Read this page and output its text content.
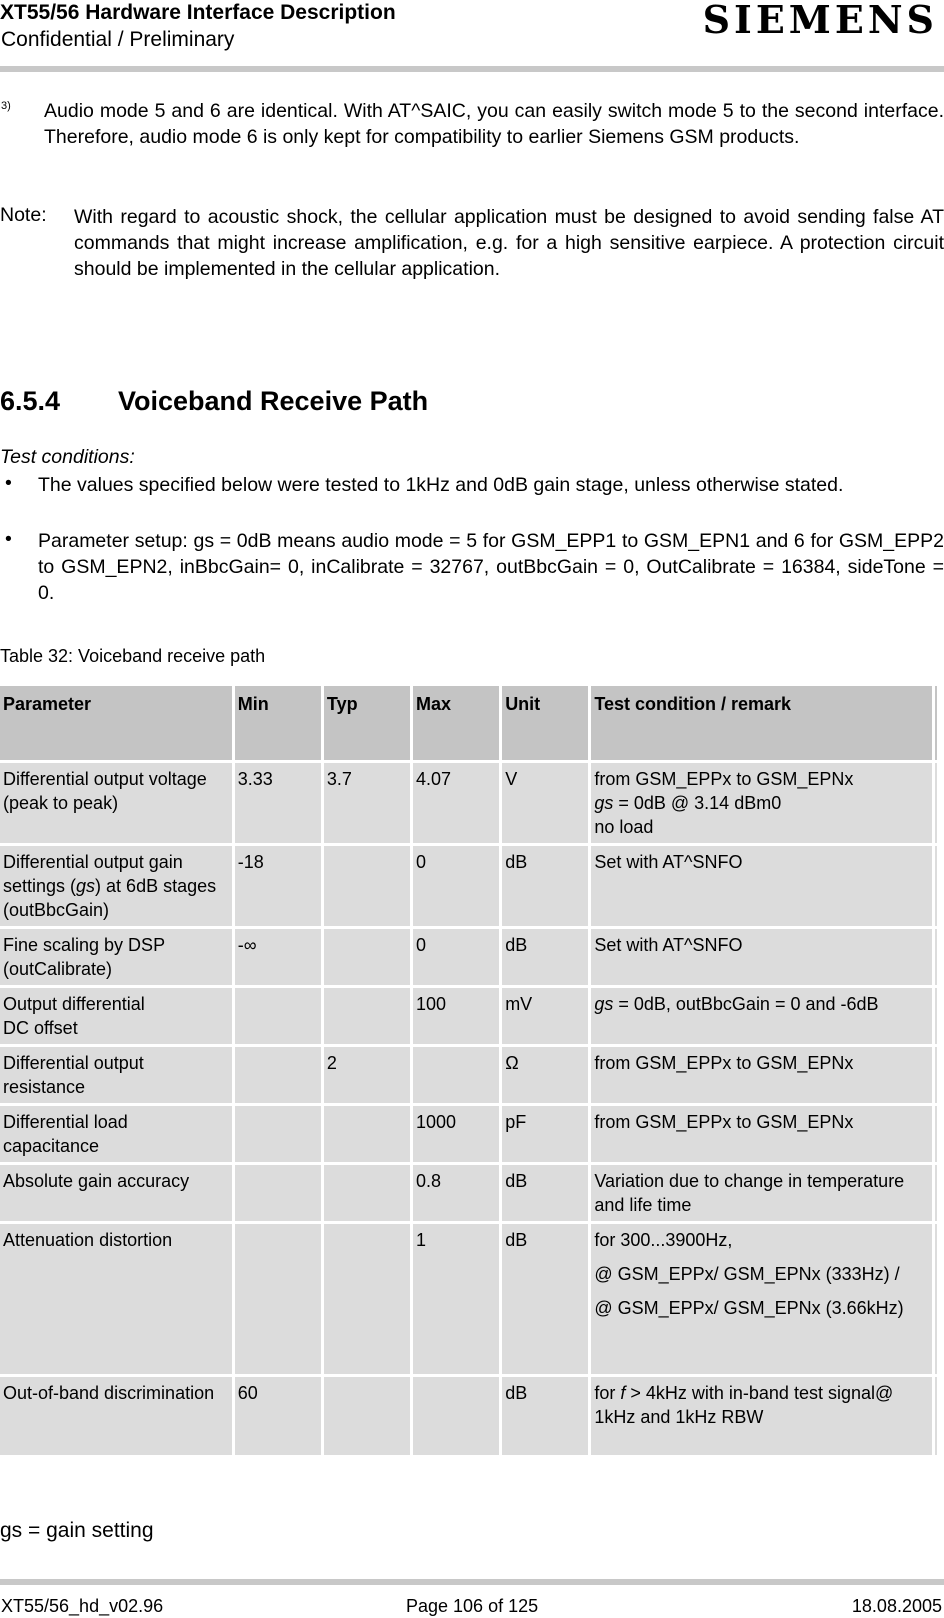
XT55/56 Hardware Interface Description
Confidential / Preliminary	SIEMENS
3) Audio mode 5 and 6 are identical. With AT^SAIC, you can easily switch mode 5 to the second interface. Therefore, audio mode 6 is only kept for compatibility to earlier Siemens GSM products.
Note: With regard to acoustic shock, the cellular application must be designed to avoid sending false AT commands that might increase amplification, e.g. for a high sensitive earpiece. A protection circuit should be implemented in the cellular application.
6.5.4 Voiceband Receive Path
Test conditions:
• The values specified below were tested to 1kHz and 0dB gain stage, unless otherwise stated.
• Parameter setup: gs = 0dB means audio mode = 5 for GSM_EPP1 to GSM_EPN1 and 6 for GSM_EPP2 to GSM_EPN2, inBbcGain= 0, inCalibrate = 32767, outBbcGain = 0, OutCalibrate = 16384, sideTone = 0.
Table 32: Voiceband receive path
Parameter	Min	Typ	Max	Unit	Test condition / remark	
Differential output voltage (peak to peak)	3.33	3.7	4.07	V	from GSM_EPPx to GSM_EPNx
gs = 0dB @ 3.14 dBm0
no load	
Differential output gain settings (gs) at 6dB stages (outBbcGain)	-18		0	dB	Set with AT^SNFO	
Fine scaling by DSP (outCalibrate)	-∞		0	dB	Set with AT^SNFO	
Output differential
DC offset			100	mV	gs = 0dB, outBbcGain = 0 and -6dB	
Differential output resistance		2		Ω	from GSM_EPPx to GSM_EPNx	
Differential load capacitance			1000	pF	from GSM_EPPx to GSM_EPNx	
Absolute gain accuracy			0.8	dB	Variation due to change in temperature and life time	
Attenuation distortion			1	dB	for 300...3900Hz,
@ GSM_EPPx/ GSM_EPNx (333Hz) /
@ GSM_EPPx/ GSM_EPNx (3.66kHz)	

Out-of-band discrimination	60			dB	for f > 4kHz with in-band test signal@ 1kHz and 1kHz RBW	
gs = gain setting
XT55/56_hd_v02.96	Page 106 of 125	18.08.2005
